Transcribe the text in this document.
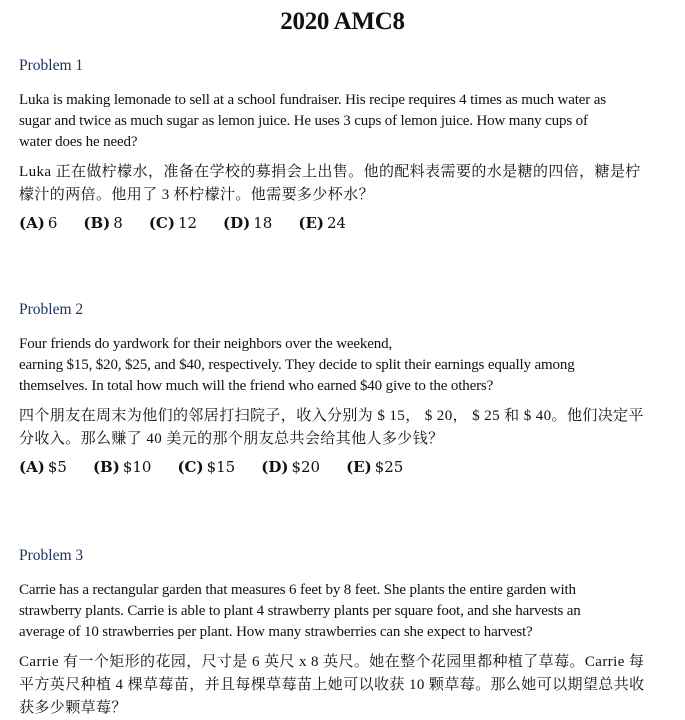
2020 AMC8
Problem 1

Luka is making lemonade to sell at a school fundraiser. His recipe requires 4 times as much water as
sugar and twice as much sugar as lemon juice. He uses 3 cups of lemon juice. How many cups of
water does he need?

Luka 正在做柠檬水，准备在学校的募捐会上出售。他的配料表需要的水是糖的四倍，糖是柠
檬汁的两倍。他用了 3 杯柠檬汁。他需要多少杯水？

(A) 6 (B) 8 (C) 12 (D) 18 (E) 24
Problem 2

Four friends do yardwork for their neighbors over the weekend,
earning $15, $20, $25, and $40, respectively. They decide to split their earnings equally among
themselves. In total how much will the friend who earned $40 give to the others?

四个朋友在周末为他们的邻居打扫院子，收入分别为 $ 15， $ 20， $ 25 和 $ 40。他们决定平
分收入。那么赚了 40 美元的那个朋友总共会给其他人多少钱？

(A) $5 (B) $10 (C) $15 (D) $20 (E) $25
Problem 3

Carrie has a rectangular garden that measures 6 feet by 8 feet. She plants the entire garden with
strawberry plants. Carrie is able to plant 4 strawberry plants per square foot, and she harvests an
average of 10 strawberries per plant. How many strawberries can she expect to harvest?

Carrie 有一个矩形的花园，尺寸是 6 英尺 x 8 英尺。她在整个花园里都种植了草莓。Carrie 每
平方英尺种植 4 棵草莓苗，并且每棵草莓苗上她可以收获 10 颗草莓。那么她可以期望总共收
获多少颗草莓？
